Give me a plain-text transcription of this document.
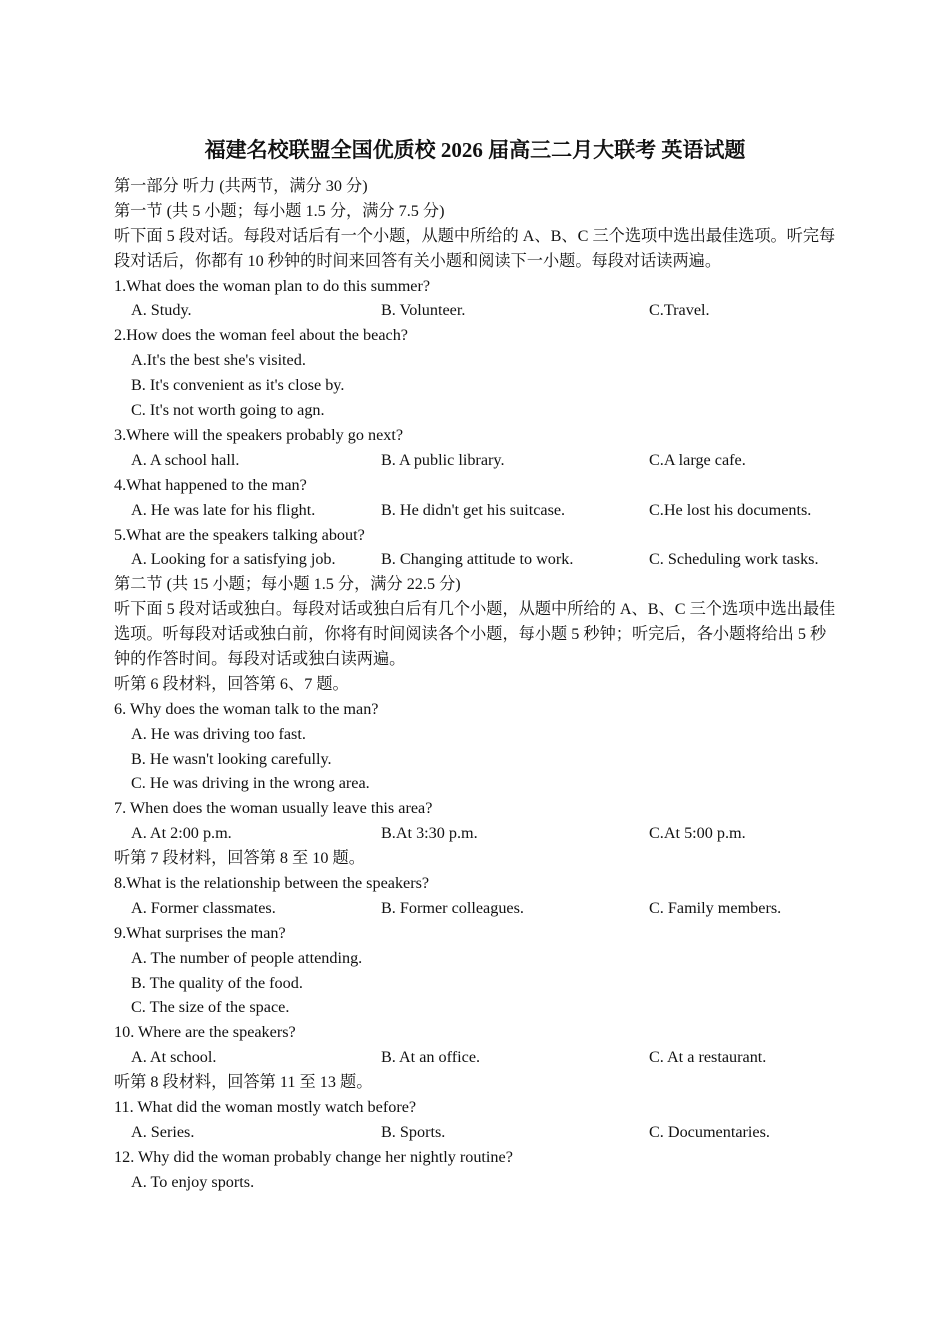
福建名校联盟全国优质校 2026 届高三二月大联考 英语试题
第一部分 听力 (共两节，满分 30 分)
第一节 (共 5 小题；每小题 1.5 分，满分 7.5 分)
听下面 5 段对话。每段对话后有一个小题，从题中所给的 A、B、C 三个选项中选出最佳选项。听完每段对话后，你都有 10 秒钟的时间来回答有关小题和阅读下一小题。每段对话读两遍。
1.What does the woman plan to do this summer?
A. Study.	B. Volunteer.	C.Travel.
2.How does the woman feel about the beach?
A.It's the best she's visited.
B. It's convenient as it's close by.
C. It's not worth going to agn.
3.Where will the speakers probably go next?
A. A school hall.	B. A public library.	C.A large cafe.
4.What happened to the man?
A. He was late for his flight.	B. He didn't get his suitcase.	C.He lost his documents.
5.What are the speakers talking about?
A. Looking for a satisfying job.	B. Changing attitude to work.	C. Scheduling work tasks.
第二节 (共 15 小题；每小题 1.5 分，满分 22.5 分)
听下面 5 段对话或独白。每段对话或独白后有几个小题，从题中所给的 A、B、C 三个选项中选出最佳选项。听每段对话或独白前，你将有时间阅读各个小题，每小题 5 秒钟；听完后，各小题将给出 5 秒钟的作答时间。每段对话或独白读两遍。
听第 6 段材料，回答第 6、7 题。
6. Why does the woman talk to the man?
A. He was driving too fast.
B. He wasn't looking carefully.
C. He was driving in the wrong area.
7. When does the woman usually leave this area?
A. At 2:00 p.m.	B.At 3:30 p.m.	C.At 5:00 p.m.
听第 7 段材料，回答第 8 至 10 题。
8.What is the relationship between the speakers?
A. Former classmates.	B. Former colleagues.	C. Family members.
9.What surprises the man?
A. The number of people attending.
B. The quality of the food.
C. The size of the space.
10. Where are the speakers?
A. At school.	B. At an office.	C. At a restaurant.
听第 8 段材料，回答第 11 至 13 题。
11. What did the woman mostly watch before?
A. Series.	B. Sports.	C. Documentaries.
12. Why did the woman probably change her nightly routine?
A. To enjoy sports.
